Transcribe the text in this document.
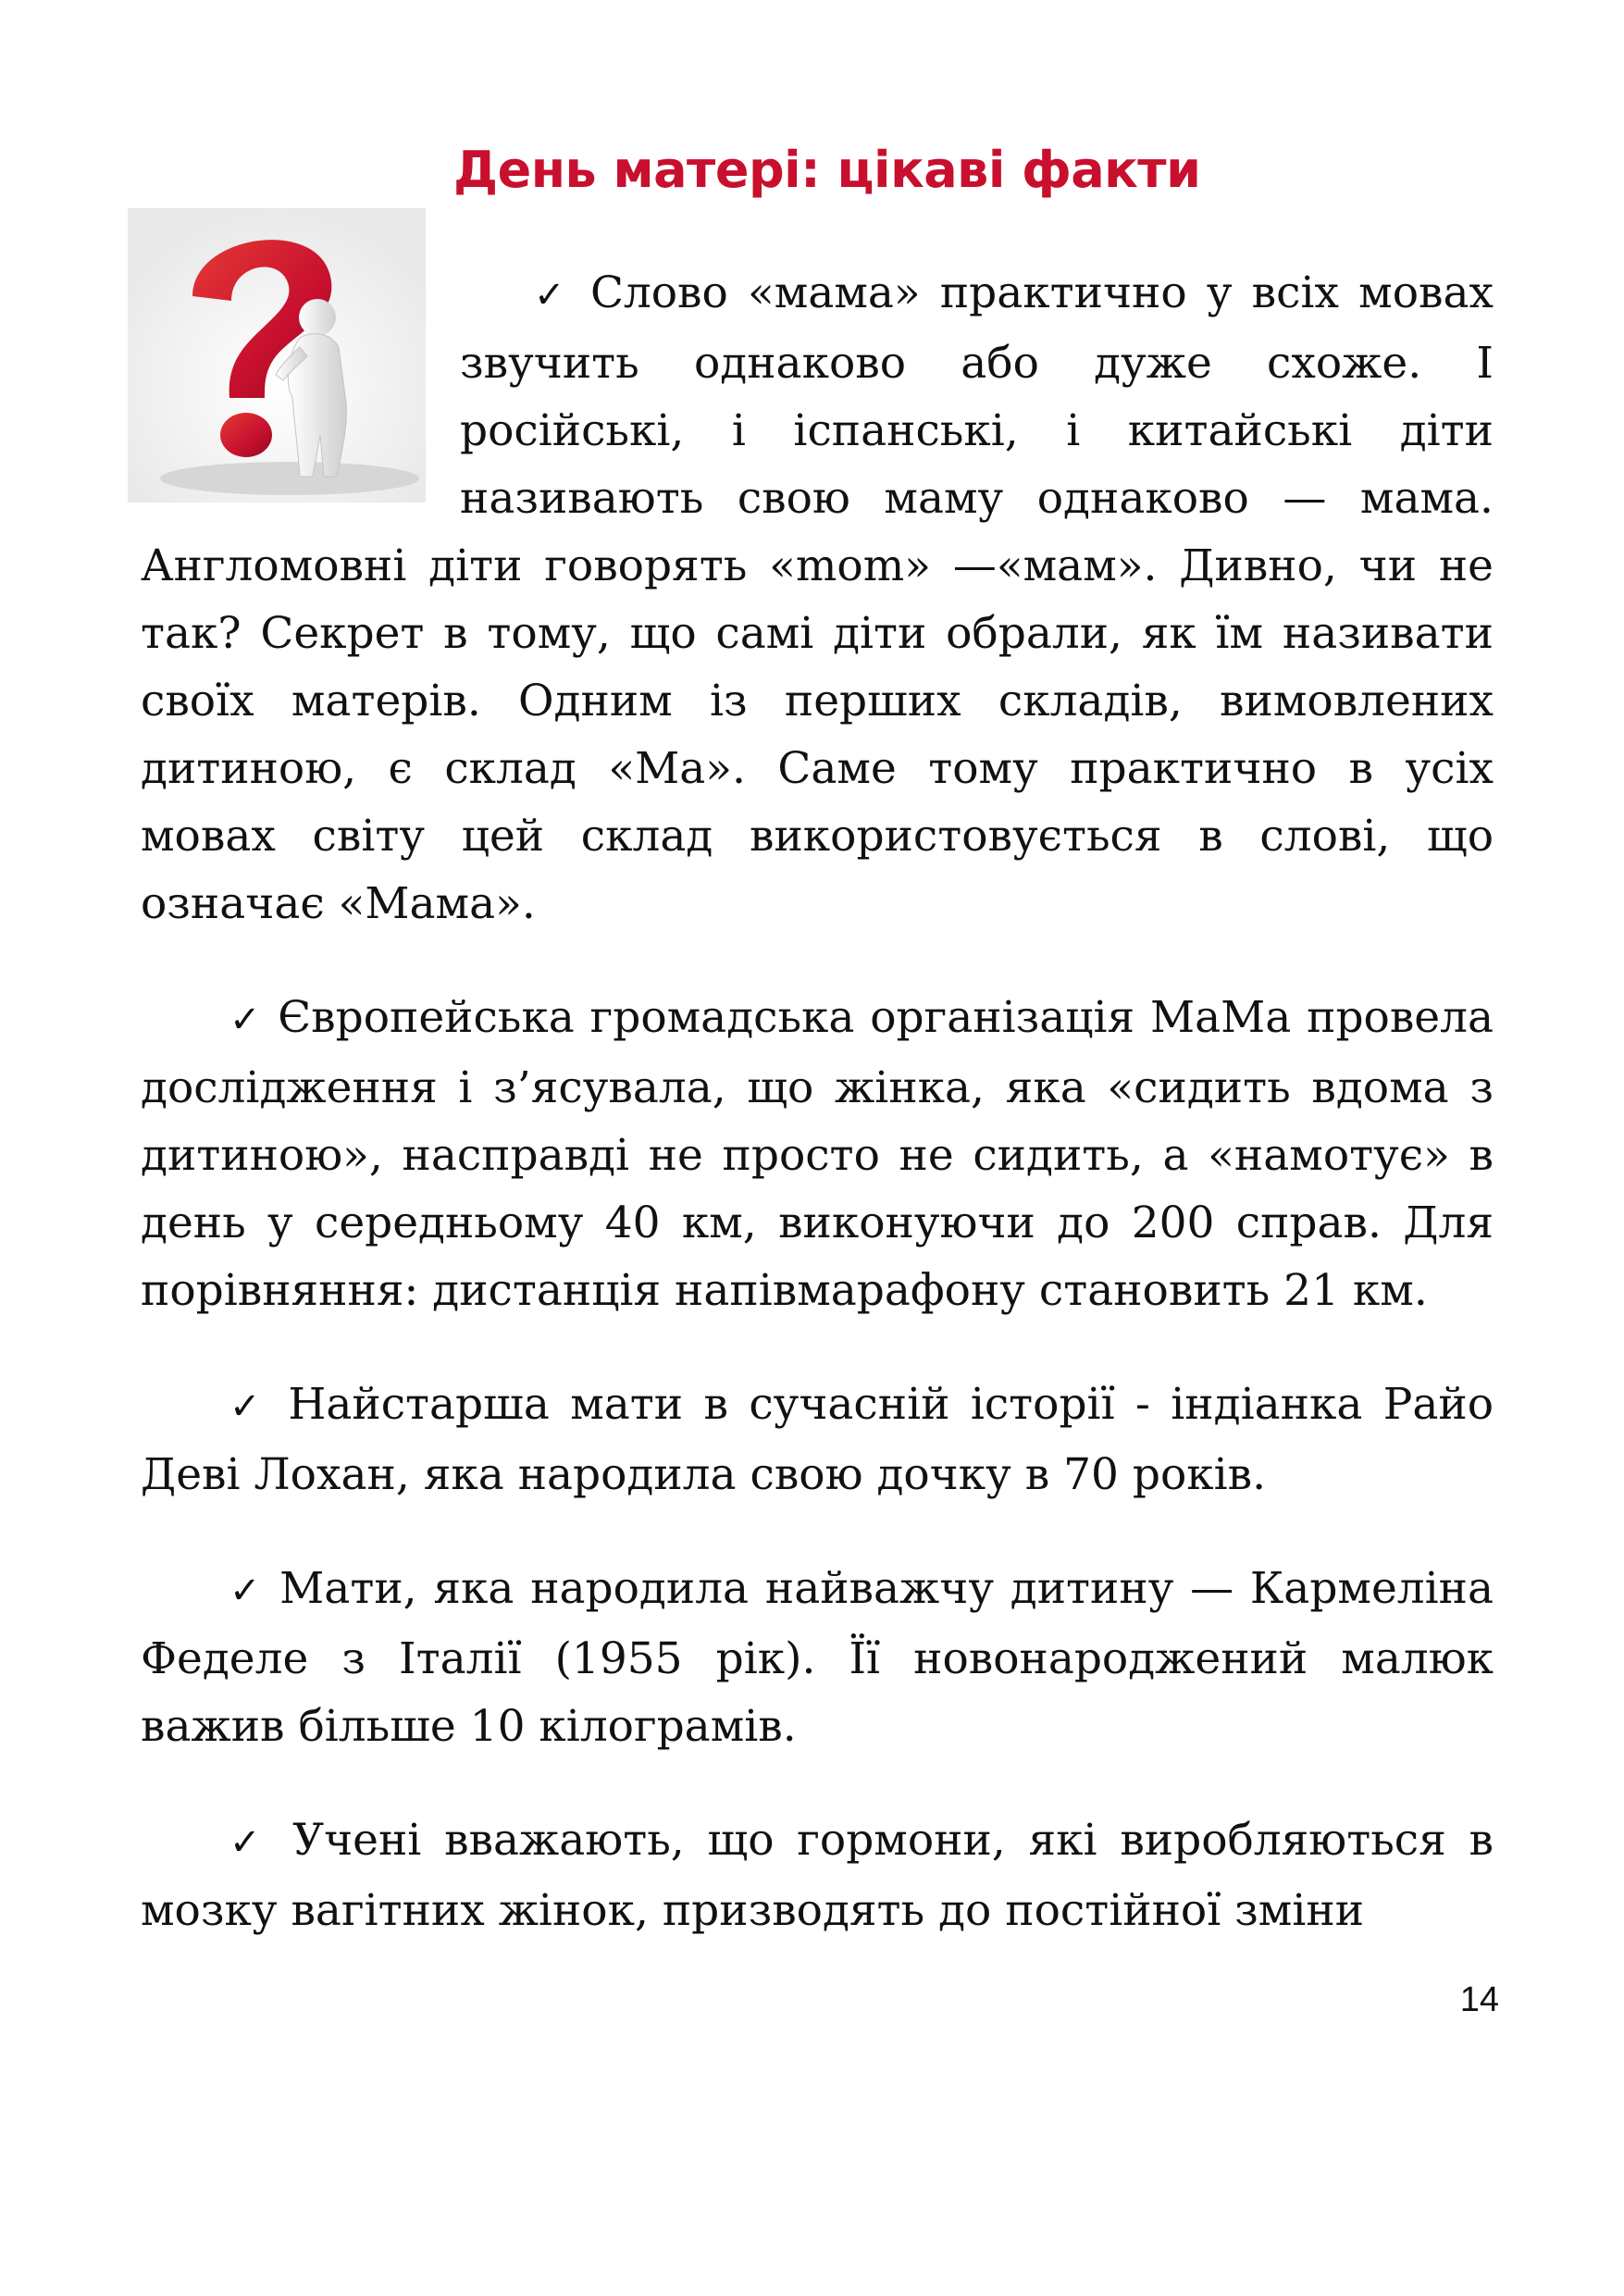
День матері: цікаві факти

✓ Слово «мама» практично у всіх мовах звучить однаково або дуже схоже. І російські, і іспанські, і китайські діти називають свою маму однаково — мама. Англомовні діти говорять «mom» —«мам». Дивно, чи не так? Секрет в тому, що самі діти обрали, як їм називати своїх матерів. Одним із перших складів, вимовлених дитиною, є склад «Ма». Саме тому практично в усіх мовах світу цей склад використовується в слові, що означає «Мама».

✓ Європейська громадська організація МаМа провела дослідження і з’ясувала, що жінка, яка «сидить вдома з дитиною», насправді не просто не сидить, а «намотує» в день у середньому 40 км, виконуючи до 200 справ. Для порівняння: дистанція напівмарафону становить 21 км.

✓ Найстарша мати в сучасній історії - індіанка Райо Деві Лохан, яка народила свою дочку в 70 років.

✓ Мати, яка народила найважчу дитину — Кармеліна Феделе з Італії (1955 рік). Її новонароджений малюк важив більше 10 кілограмів.

✓ Учені вважають, що гормони, які виробляються в мозку вагітних жінок, призводять до постійної зміни

14
